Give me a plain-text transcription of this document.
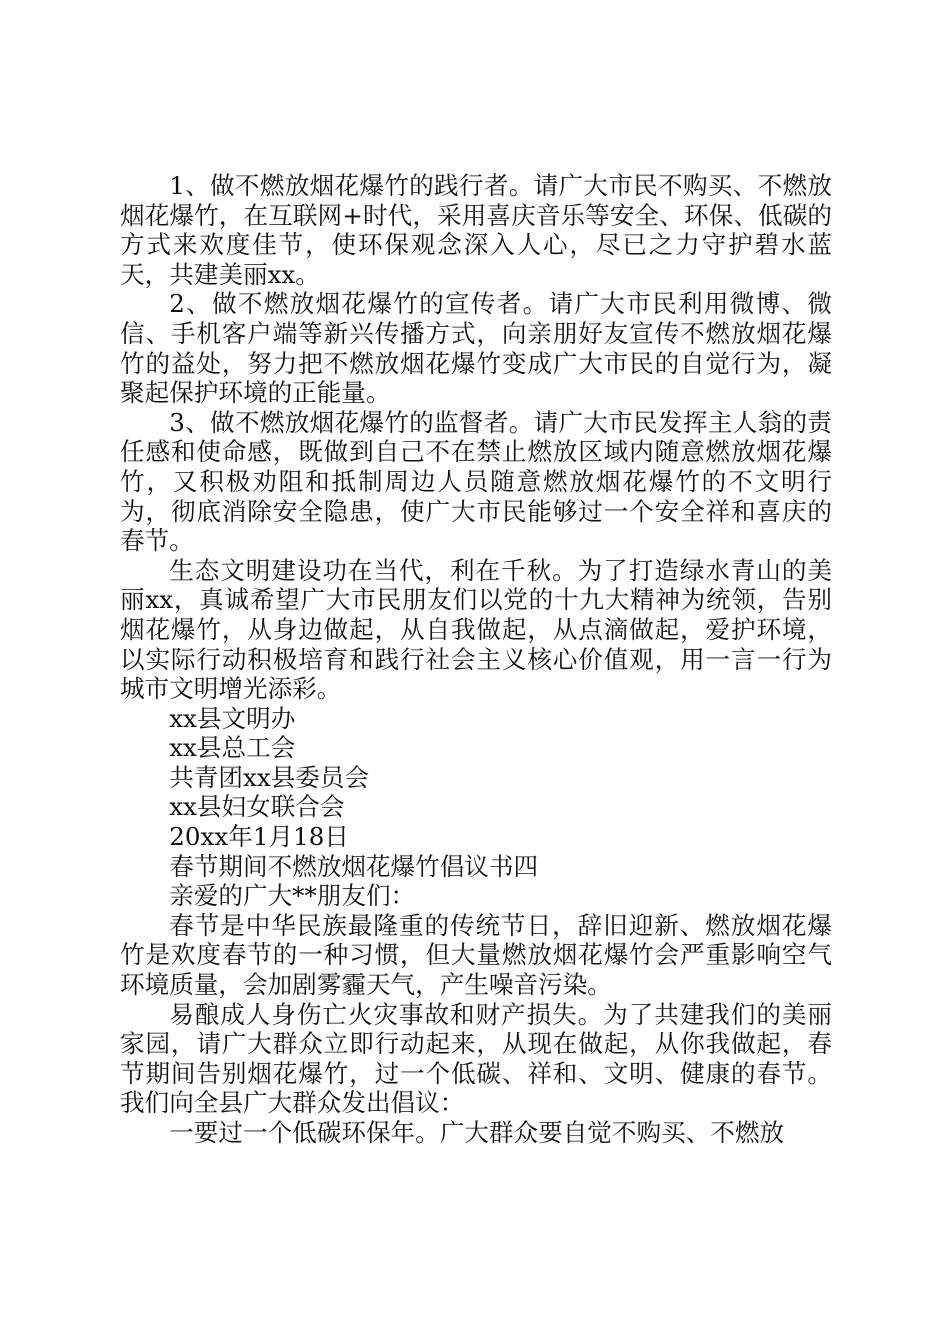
1、做不燃放烟花爆竹的践行者。请广大市民不购买、不燃放烟花爆竹，在互联网+时代，采用喜庆音乐等安全、环保、低碳的方式来欢度佳节，使环保观念深入人心，尽已之力守护碧水蓝天，共建美丽xx。

2、做不燃放烟花爆竹的宣传者。请广大市民利用微博、微信、手机客户端等新兴传播方式，向亲朋好友宣传不燃放烟花爆竹的益处，努力把不燃放烟花爆竹变成广大市民的自觉行为，凝聚起保护环境的正能量。

3、做不燃放烟花爆竹的监督者。请广大市民发挥主人翁的责任感和使命感，既做到自己不在禁止燃放区域内随意燃放烟花爆竹，又积极劝阻和抵制周边人员随意燃放烟花爆竹的不文明行为，彻底消除安全隐患，使广大市民能够过一个安全祥和喜庆的春节。

生态文明建设功在当代，利在千秋。为了打造绿水青山的美丽xx，真诚希望广大市民朋友们以党的十九大精神为统领，告别烟花爆竹，从身边做起，从自我做起，从点滴做起，爱护环境，以实际行动积极培育和践行社会主义核心价值观，用一言一行为城市文明增光添彩。

xx县文明办

xx县总工会

共青团xx县委员会

xx县妇女联合会

20xx年1月18日

春节期间不燃放烟花爆竹倡议书四

亲爱的广大**朋友们：

春节是中华民族最隆重的传统节日，辞旧迎新、燃放烟花爆竹是欢度春节的一种习惯，但大量燃放烟花爆竹会严重影响空气环境质量，会加剧雾霾天气，产生噪音污染。

易酿成人身伤亡火灾事故和财产损失。为了共建我们的美丽家园，请广大群众立即行动起来，从现在做起，从你我做起，春节期间告别烟花爆竹，过一个低碳、祥和、文明、健康的春节。我们向全县广大群众发出倡议：

一要过一个低碳环保年。广大群众要自觉不购买、不燃放
